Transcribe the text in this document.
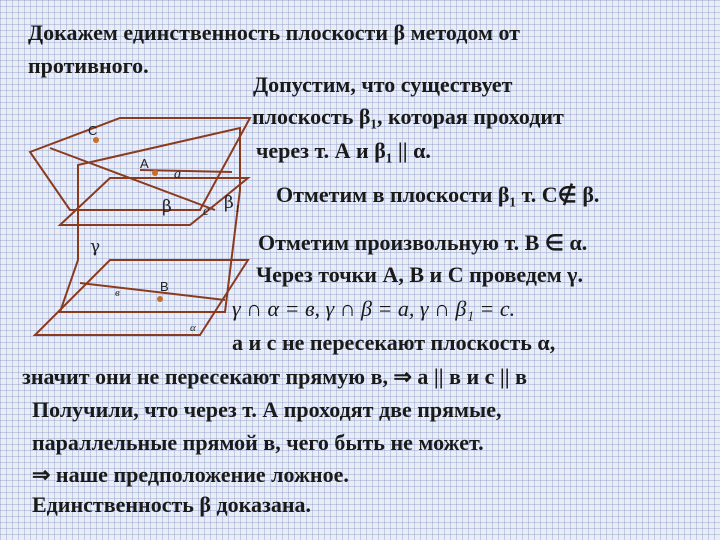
С
А
а
β с β 1
γ
в	В
α
Докажем единственность плоскости β методом от
противного.
Допустим, что существует
плоскость β₁, которая проходит
через т. А и β₁ || α.
Отметим в плоскости β₁ т. С∉ β.
Отметим произвольную т. В ∈ α.
Через точки А, В и С проведем γ.
γ ∩ α = в, γ ∩ β = а, γ ∩ β₁ = с.
а и с не пересекают плоскость α,
значит они не пересекают прямую в, ⇒ а || в и с || в
Получили, что через т. А проходят две прямые,
параллельные прямой в, чего быть не может.
⇒ наше предположение ложное.
Единственность β доказана.
